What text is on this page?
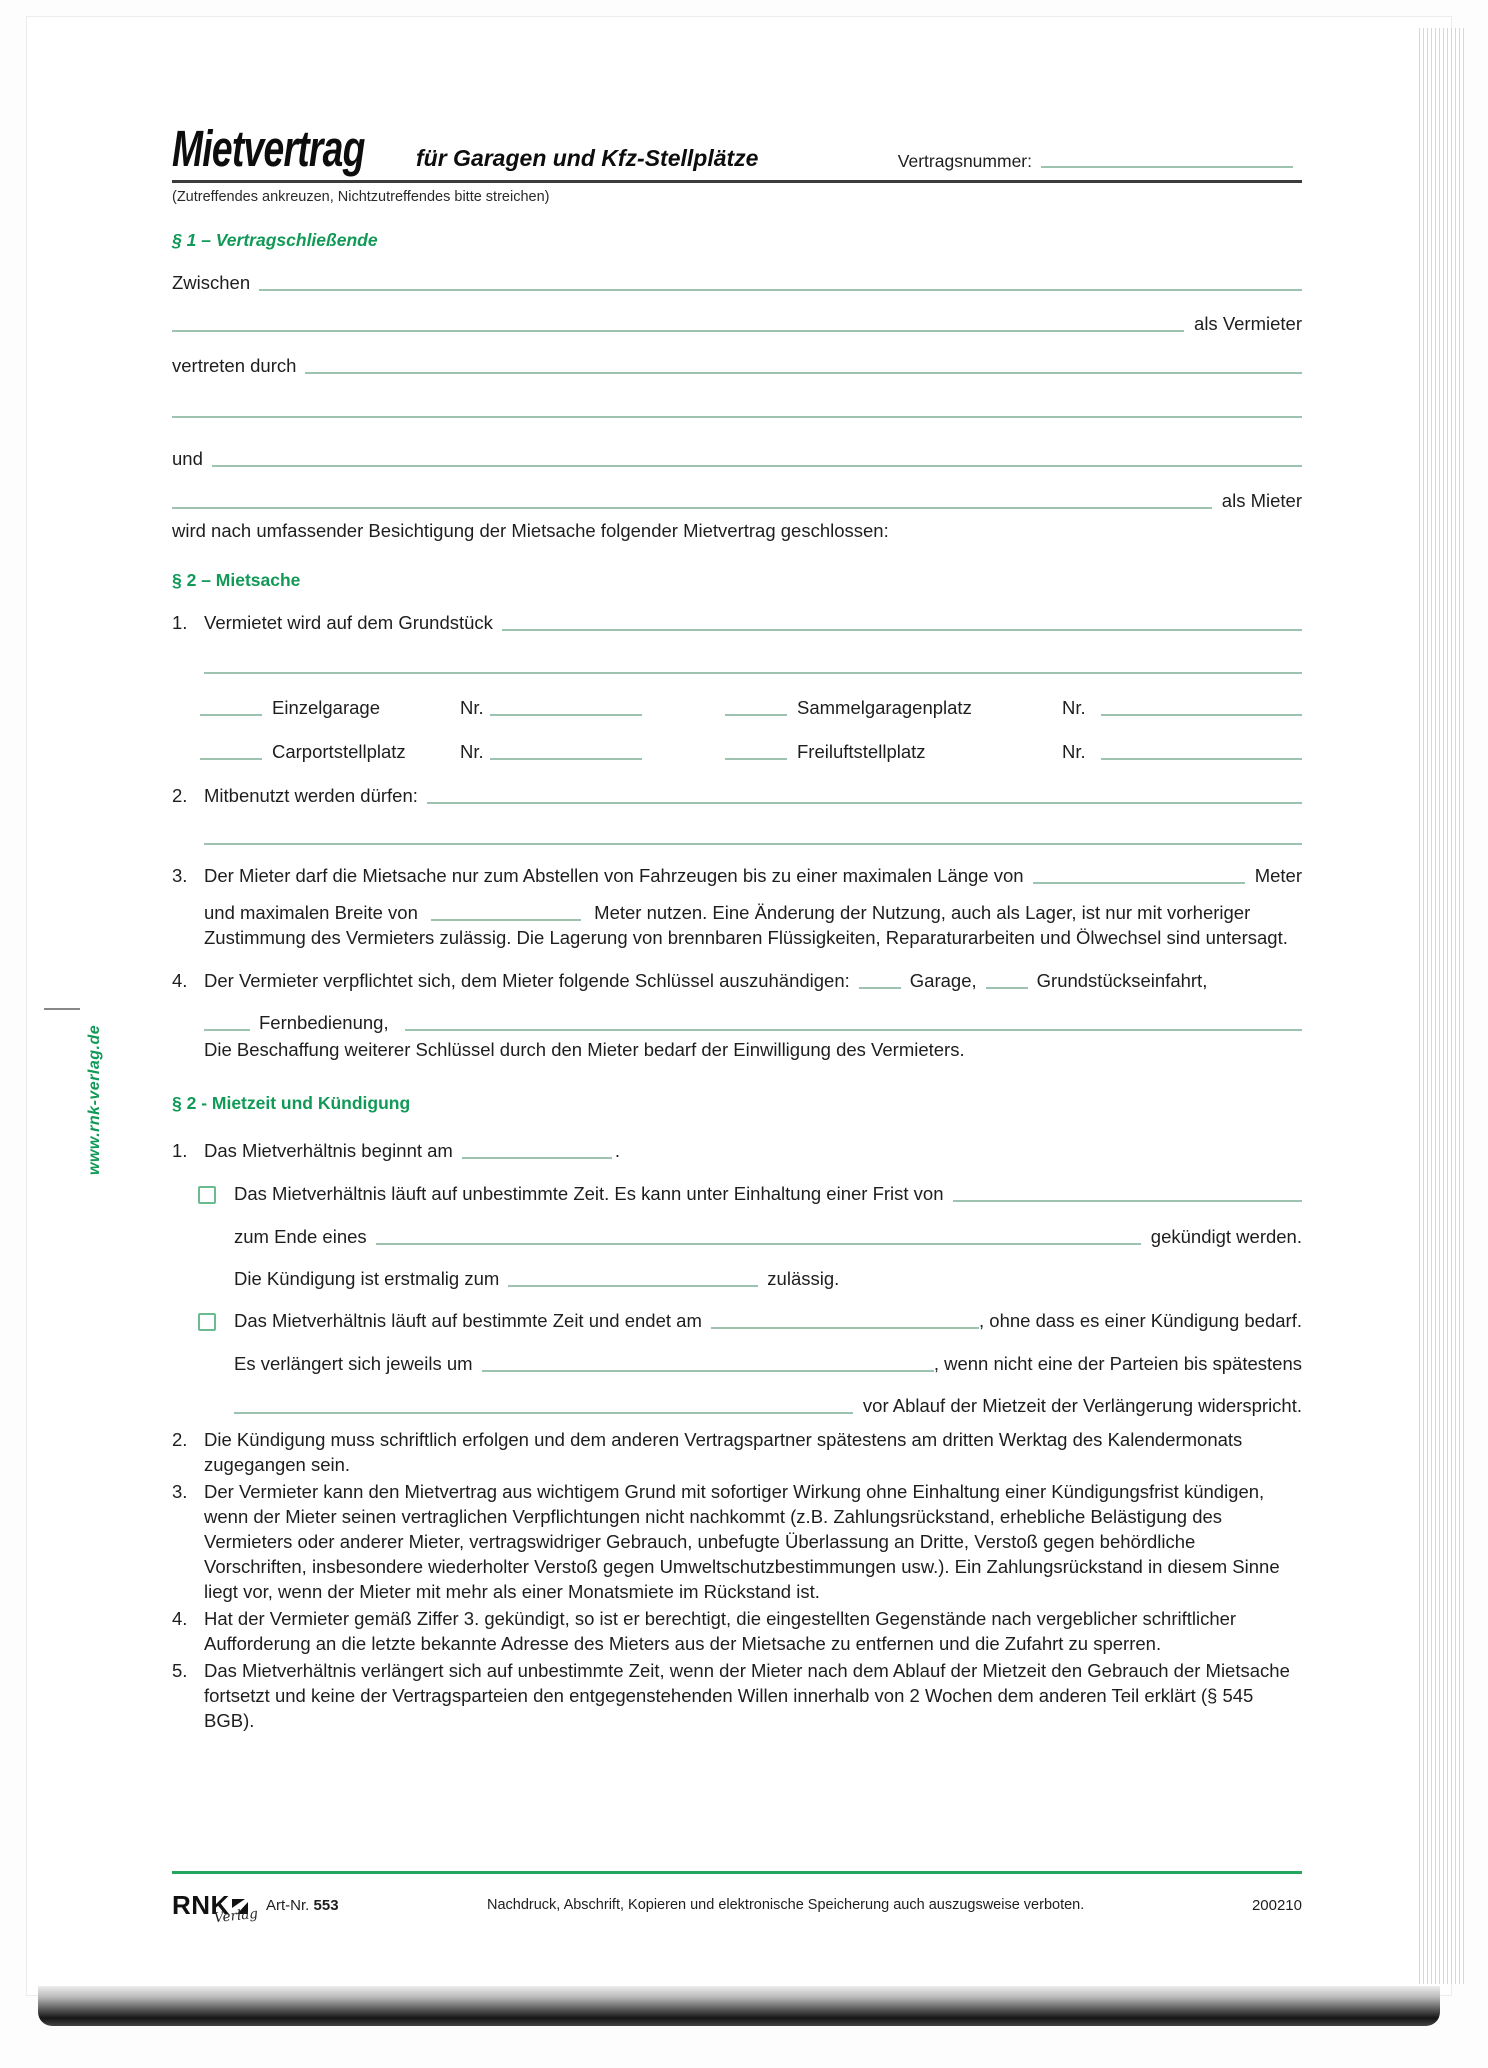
www.rnk-verlag.de
Mietvertrag für Garagen und Kfz-Stellplätze	Vertragsnummer:
(Zutreffendes ankreuzen, Nichtzutreffendes bitte streichen)
§ 1 – Vertragschließende
Zwischen
als Vermieter
vertreten durch
und
als Mieter
wird nach umfassender Besichtigung der Mietsache folgender Mietvertrag geschlossen:
§ 2 – Mietsache
1. Vermietet wird auf dem Grundstück
Einzelgarage	Nr.	Sammelgaragenplatz	Nr.
Carportstellplatz	Nr.	Freiluftstellplatz	Nr.
2. Mitbenutzt werden dürfen:
3. Der Mieter darf die Mietsache nur zum Abstellen von Fahrzeugen bis zu einer maximalen Länge von	Meter
und maximalen Breite von	Meter nutzen. Eine Änderung der Nutzung, auch als Lager, ist nur mit vorheriger Zustimmung des Vermieters zulässig. Die Lagerung von brennbaren Flüssigkeiten, Reparaturarbeiten und Ölwechsel sind untersagt.
4. Der Vermieter verpflichtet sich, dem Mieter folgende Schlüssel auszuhändigen:	Garage,	Grundstückseinfahrt,
Fernbedienung,
Die Beschaffung weiterer Schlüssel durch den Mieter bedarf der Einwilligung des Vermieters.
§ 2 - Mietzeit und Kündigung
1. Das Mietverhältnis beginnt am	.
Das Mietverhältnis läuft auf unbestimmte Zeit. Es kann unter Einhaltung einer Frist von
zum Ende eines	gekündigt werden.
Die Kündigung ist erstmalig zum	zulässig.
Das Mietverhältnis läuft auf bestimmte Zeit und endet am	, ohne dass es einer Kündigung bedarf.
Es verlängert sich jeweils um	, wenn nicht eine der Parteien bis spätestens
vor Ablauf der Mietzeit der Verlängerung widerspricht.
2. Die Kündigung muss schriftlich erfolgen und dem anderen Vertragspartner spätestens am dritten Werktag des Kalendermonats zugegangen sein.
3. Der Vermieter kann den Mietvertrag aus wichtigem Grund mit sofortiger Wirkung ohne Einhaltung einer Kündigungsfrist kündigen, wenn der Mieter seinen vertraglichen Verpflichtungen nicht nachkommt (z.B. Zahlungsrückstand, erhebliche Belästigung des Vermieters oder anderer Mieter, vertragswidriger Gebrauch, unbefugte Überlassung an Dritte, Verstoß gegen behördliche Vorschriften, insbesondere wiederholter Verstoß gegen Umweltschutzbestimmungen usw.). Ein Zahlungsrückstand in diesem Sinne liegt vor, wenn der Mieter mit mehr als einer Monatsmiete im Rückstand ist.
4. Hat der Vermieter gemäß Ziffer 3. gekündigt, so ist er berechtigt, die eingestellten Gegenstände nach vergeblicher schriftlicher Aufforderung an die letzte bekannte Adresse des Mieters aus der Mietsache zu entfernen und die Zufahrt zu sperren.
5. Das Mietverhältnis verlängert sich auf unbestimmte Zeit, wenn der Mieter nach dem Ablauf der Mietzeit den Gebrauch der Mietsache fortsetzt und keine der Vertragsparteien den entgegenstehenden Willen innerhalb von 2 Wochen dem anderen Teil erklärt (§ 545 BGB).
RNK
Verlag
Art-Nr. 553	Nachdruck, Abschrift, Kopieren und elektronische Speicherung auch auszugsweise verboten.	200210
